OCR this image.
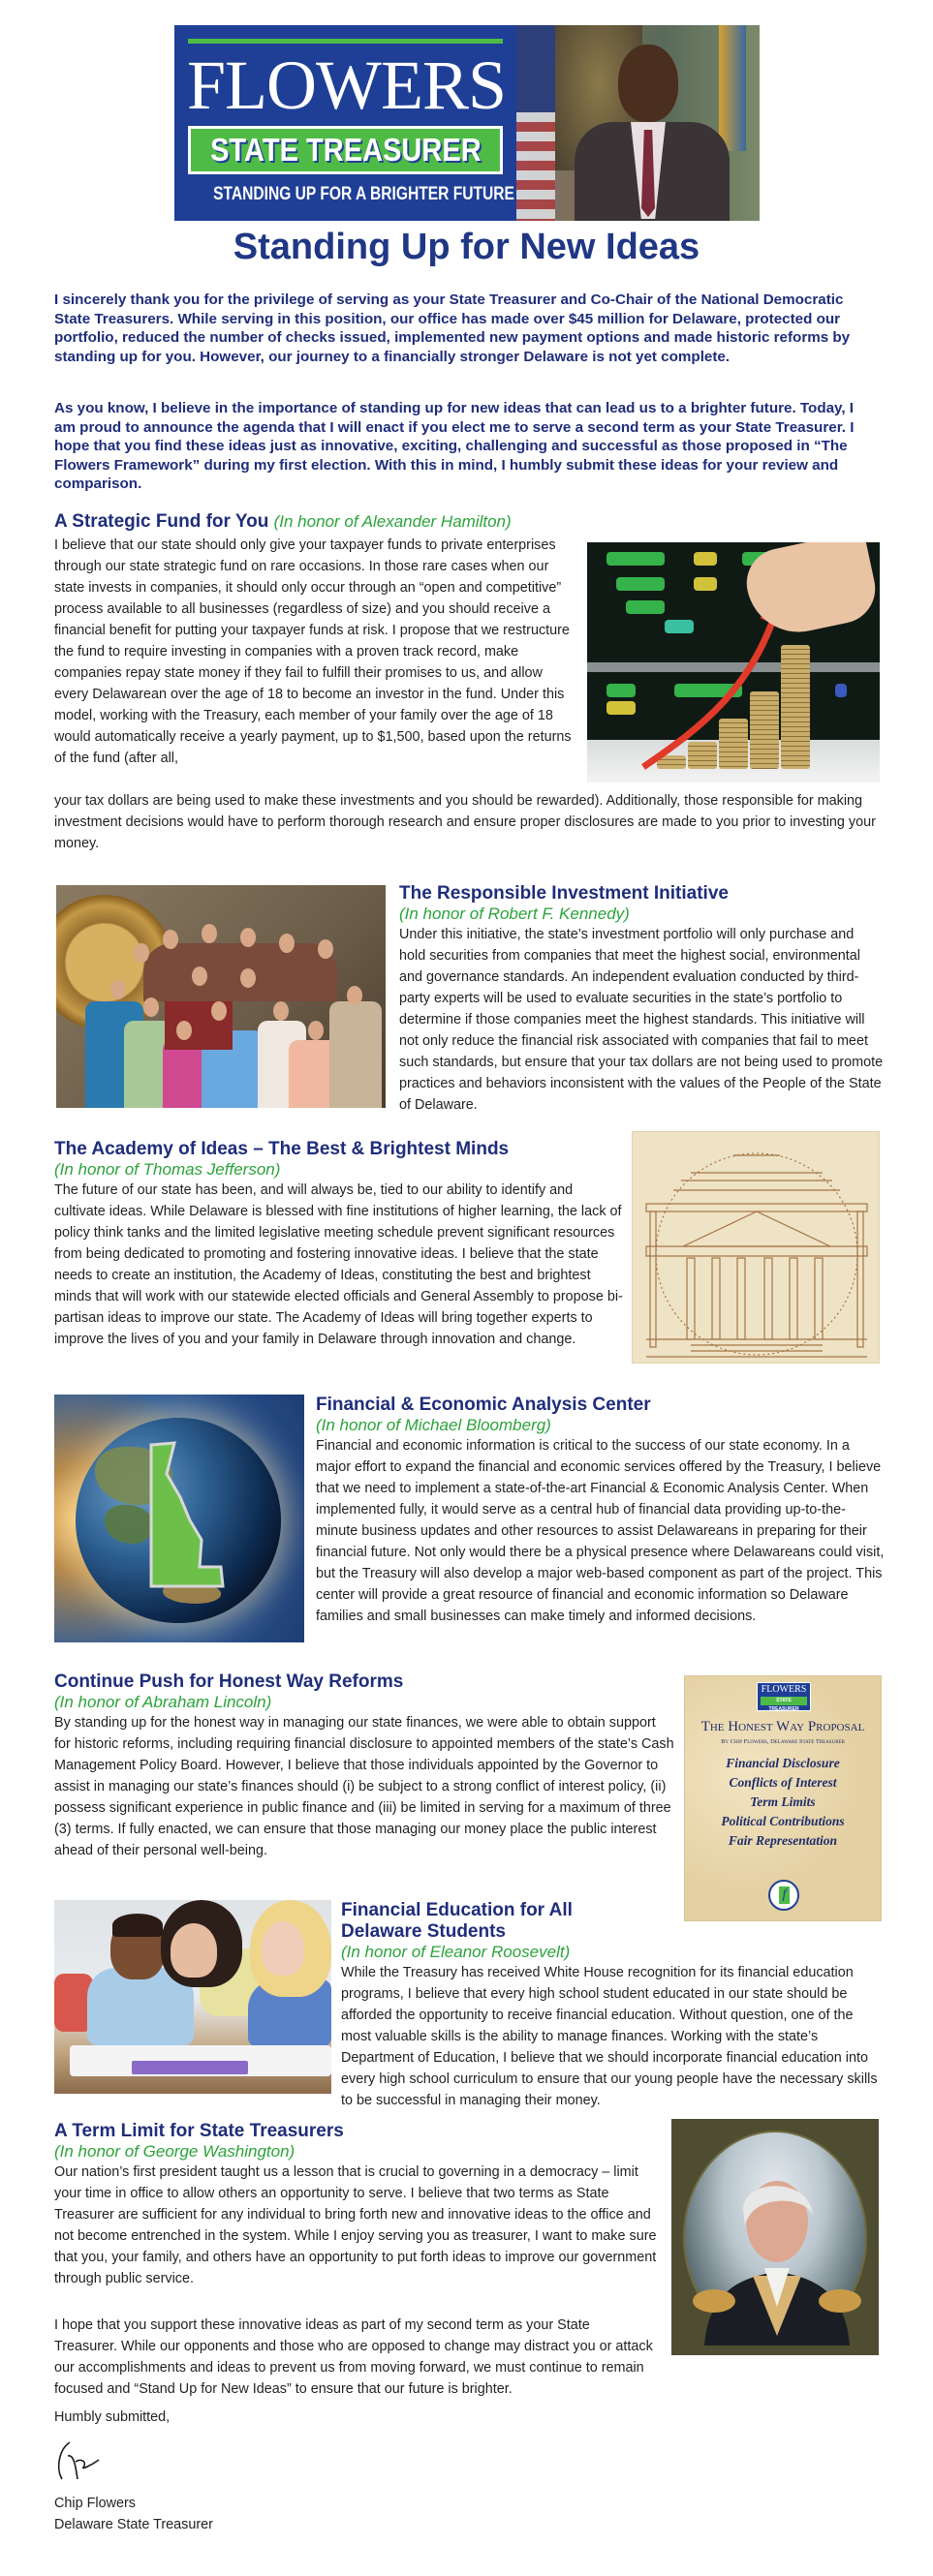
FLOWERS
STATE TREASURER
STANDING UP FOR A BRIGHTER FUTURE
Standing Up for New Ideas

I sincerely thank you for the privilege of serving as your State Treasurer and Co-Chair of the National Democratic State Treasurers. While serving in this position, our office has made over $45 million for Delaware, protected our portfolio, reduced the number of checks issued, implemented new payment options and made historic reforms by standing up for you. However, our journey to a financially stronger Delaware is not yet complete.

As you know, I believe in the importance of standing up for new ideas that can lead us to a brighter future. Today, I am proud to announce the agenda that I will enact if you elect me to serve a second term as your State Treasurer. I hope that you find these ideas just as innovative, exciting, challenging and successful as those proposed in “The Flowers Framework” during my first election. With this in mind, I humbly submit these ideas for your review and comparison.

A Strategic Fund for You (In honor of Alexander Hamilton)

I believe that our state should only give your taxpayer funds to private enterprises through our state strategic fund on rare occasions. In those rare cases when our state invests in companies, it should only occur through an “open and competitive” process available to all businesses (regardless of size) and you should receive a financial benefit for putting your taxpayer funds at risk. I propose that we restructure the fund to require investing in companies with a proven track record, make companies repay state money if they fail to fulfill their promises to us, and allow every Delawarean over the age of 18 to become an investor in the fund. Under this model, working with the Treasury, each member of your family over the age of 18 would automatically receive a yearly payment, up to $1,500, based upon the returns of the fund (after all,

your tax dollars are being used to make these investments and you should be rewarded). Additionally, those responsible for making investment decisions would have to perform thorough research and ensure proper disclosures are made to you prior to investing your money.

The Responsible Investment Initiative
(In honor of Robert F. Kennedy)

Under this initiative, the state’s investment portfolio will only purchase and hold securities from companies that meet the highest social, environmental and governance standards. An independent evaluation conducted by third-party experts will be used to evaluate securities in the state’s portfolio to determine if those companies meet the highest standards. This initiative will not only reduce the financial risk associated with companies that fail to meet such standards, but ensure that your tax dollars are not being used to promote practices and behaviors inconsistent with the values of the People of the State of Delaware.

The Academy of Ideas – The Best & Brightest Minds
(In honor of Thomas Jefferson)

The future of our state has been, and will always be, tied to our ability to identify and cultivate ideas. While Delaware is blessed with fine institutions of higher learning, the lack of policy think tanks and the limited legislative meeting schedule prevent significant resources from being dedicated to promoting and fostering innovative ideas. I believe that the state needs to create an institution, the Academy of Ideas, constituting the best and brightest minds that will work with our statewide elected officials and General Assembly to propose bi-partisan ideas to improve our state. The Academy of Ideas will bring together experts to improve the lives of you and your family in Delaware through innovation and change.

Financial & Economic Analysis Center
(In honor of Michael Bloomberg)

Financial and economic information is critical to the success of our state economy. In a major effort to expand the financial and economic services offered by the Treasury, I believe that we need to implement a state-of-the-art Financial & Economic Analysis Center. When implemented fully, it would serve as a central hub of financial data providing up-to-the-minute business updates and other resources to assist Delawareans in preparing for their financial future. Not only would there be a physical presence where Delawareans could visit, but the Treasury will also develop a major web-based component as part of the project. This center will provide a great resource of financial and economic information so Delaware families and small businesses can make timely and informed decisions.

Continue Push for Honest Way Reforms
(In honor of Abraham Lincoln)

By standing up for the honest way in managing our state finances, we were able to obtain support for historic reforms, including requiring financial disclosure to appointed members of the state’s Cash Management Policy Board. However, I believe that those individuals appointed by the Governor to assist in managing our state’s finances should (i) be subject to a strong conflict of interest policy, (ii) possess significant experience in public finance and (iii) be limited in serving for a maximum of three (3) terms. If fully enacted, we can ensure that those managing our money place the public interest ahead of their personal well-being.

FLOWERS
STATE TREASURER
The Honest Way Proposal
By Chip Flowers, Delaware State Treasurer
Financial Disclosure
Conflicts of Interest
Term Limits
Political Contributions
Fair Representation
f
Financial Education for All Delaware Students
(In honor of Eleanor Roosevelt)

While the Treasury has received White House recognition for its financial education programs, I believe that every high school student educated in our state should be afforded the opportunity to receive financial education. Without question, one of the most valuable skills is the ability to manage finances. Working with the state’s Department of Education, I believe that we should incorporate financial education into every high school curriculum to ensure that our young people have the necessary skills to be successful in managing their money.

A Term Limit for State Treasurers
(In honor of George Washington)

Our nation’s first president taught us a lesson that is crucial to governing in a democracy – limit your time in office to allow others an opportunity to serve. I believe that two terms as State Treasurer are sufficient for any individual to bring forth new and innovative ideas to the office and not become entrenched in the system. While I enjoy serving you as treasurer, I want to make sure that you, your family, and others have an opportunity to put forth ideas to improve our government through public service.

I hope that you support these innovative ideas as part of my second term as your State Treasurer. While our opponents and those who are opposed to change may distract you or attack our accomplishments and ideas to prevent us from moving forward, we must continue to remain focused and “Stand Up for New Ideas” to ensure that our future is brighter.

Humbly submitted,
Chip Flowers
Delaware State Treasurer
